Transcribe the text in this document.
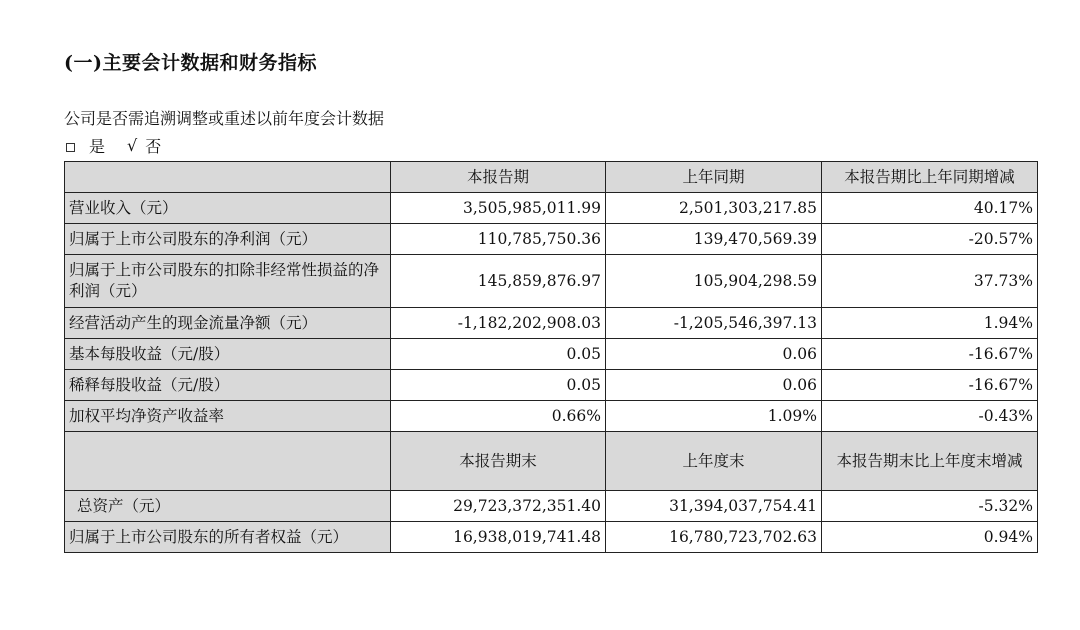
(一)主要会计数据和财务指标
公司是否需追溯调整或重述以前年度会计数据
是 √ 否
	本报告期	上年同期	本报告期比上年同期增减
营业收入（元）	3,505,985,011.99	2,501,303,217.85	40.17%
归属于上市公司股东的净利润（元）	110,785,750.36	139,470,569.39	-20.57%
归属于上市公司股东的扣除非经常性损益的净利润（元）	145,859,876.97	105,904,298.59	37.73%
经营活动产生的现金流量净额（元）	-1,182,202,908.03	-1,205,546,397.13	1.94%
基本每股收益（元/股）	0.05	0.06	-16.67%
稀释每股收益（元/股）	0.05	0.06	-16.67%
加权平均净资产收益率	0.66%	1.09%	-0.43%
	本报告期末	上年度末	本报告期末比上年度末增减
总资产（元）	29,723,372,351.40	31,394,037,754.41	-5.32%
归属于上市公司股东的所有者权益（元）	16,938,019,741.48	16,780,723,702.63	0.94%
